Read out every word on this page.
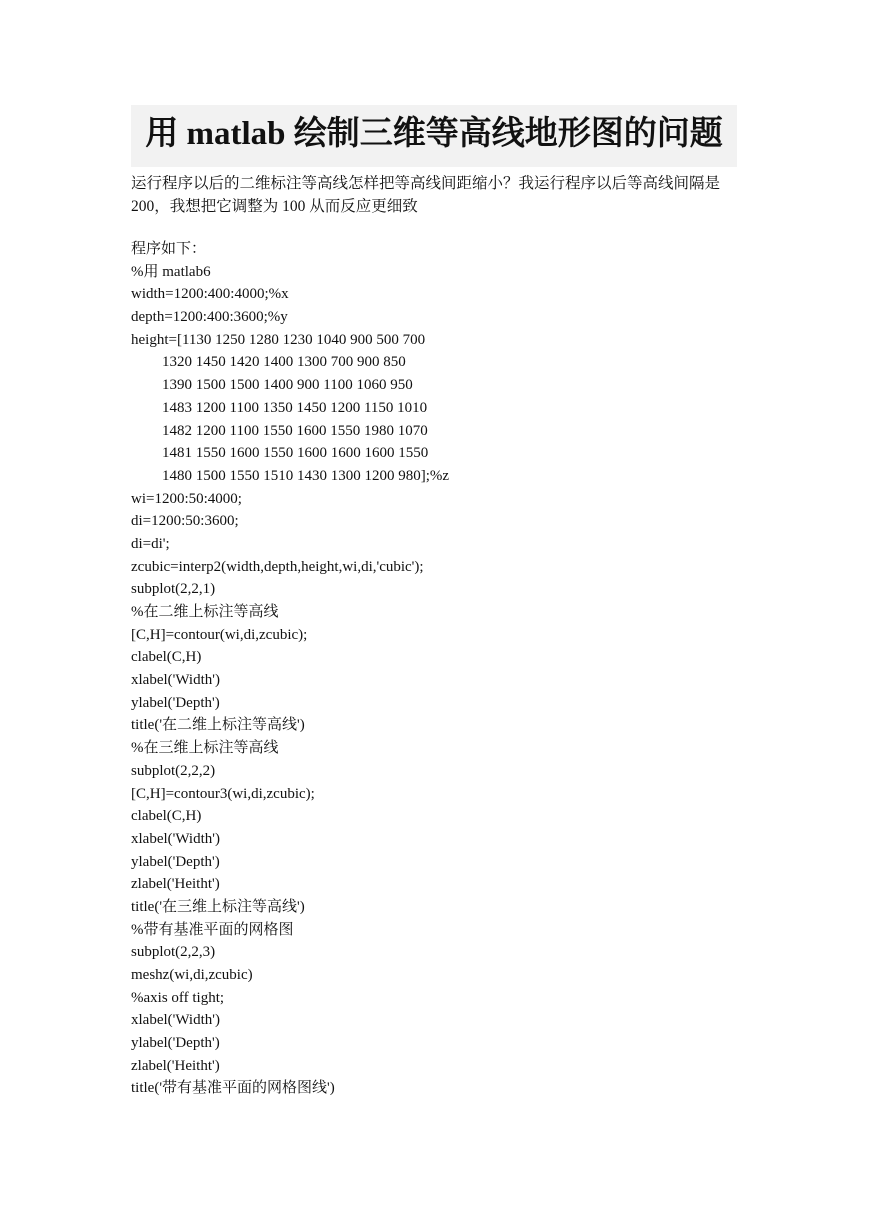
用 matlab 绘制三维等高线地形图的问题

运行程序以后的二维标注等高线怎样把等高线间距缩小？我运行程序以后等高线间隔是

200，我想把它调整为 100 从而反应更细致

程序如下：
%用 matlab6
width=1200:400:4000;%x
depth=1200:400:3600;%y
height=[1130 1250 1280 1230 1040 900 500 700
1320 1450 1420 1400 1300 700 900 850
1390 1500 1500 1400 900 1100 1060 950
1483 1200 1100 1350 1450 1200 1150 1010
1482 1200 1100 1550 1600 1550 1980 1070
1481 1550 1600 1550 1600 1600 1600 1550
1480 1500 1550 1510 1430 1300 1200 980];%z
wi=1200:50:4000;
di=1200:50:3600;
di=di';
zcubic=interp2(width,depth,height,wi,di,'cubic');
subplot(2,2,1)
%在二维上标注等高线
[C,H]=contour(wi,di,zcubic);
clabel(C,H)
xlabel('Width')
ylabel('Depth')
title('在二维上标注等高线')
%在三维上标注等高线
subplot(2,2,2)
[C,H]=contour3(wi,di,zcubic);
clabel(C,H)
xlabel('Width')
ylabel('Depth')
zlabel('Heitht')
title('在三维上标注等高线')
%带有基准平面的网格图
subplot(2,2,3)
meshz(wi,di,zcubic)
%axis off tight;
xlabel('Width')
ylabel('Depth')
zlabel('Heitht')
title('带有基准平面的网格图线')
